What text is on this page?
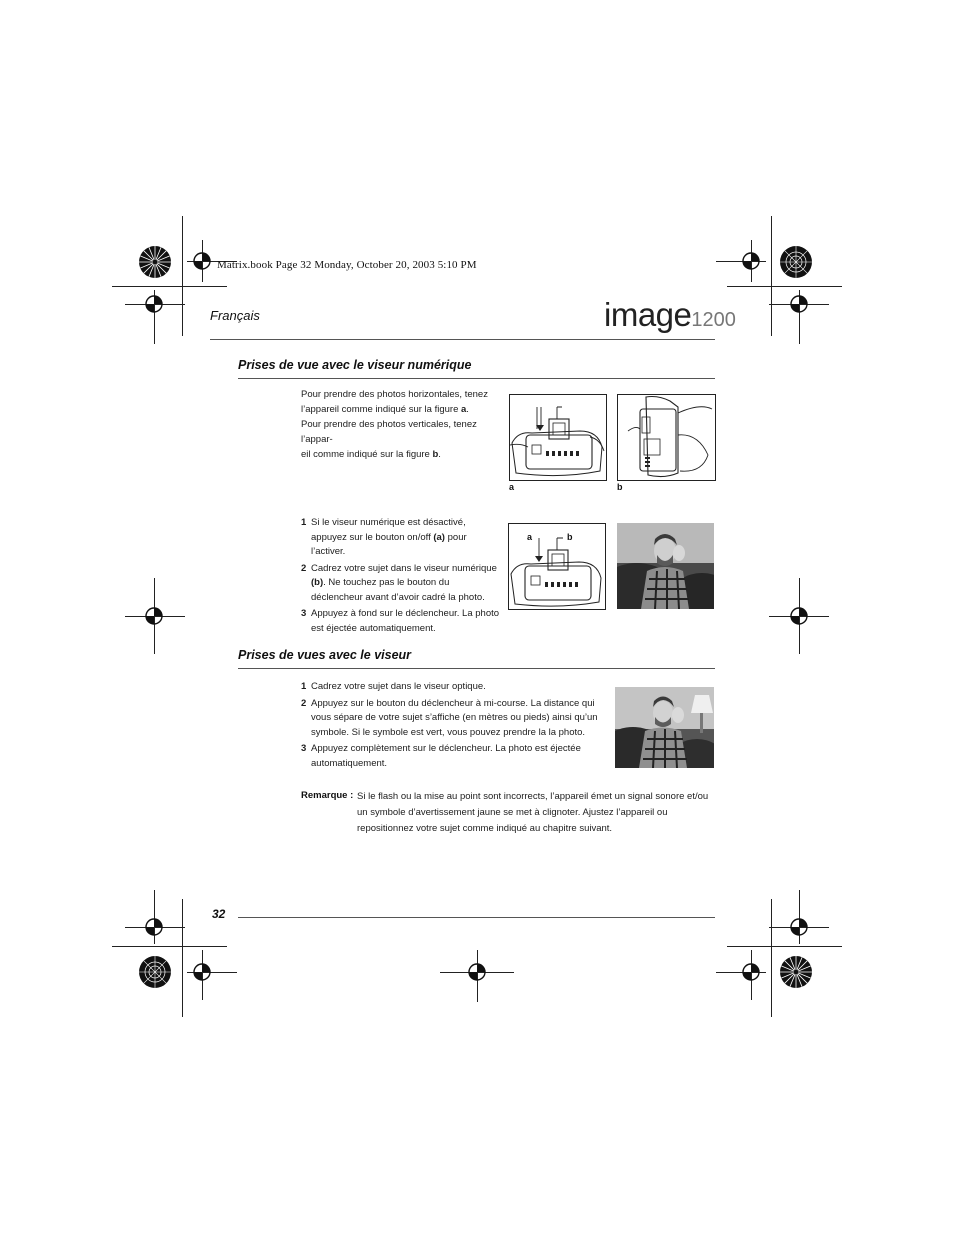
Matrix.book Page 32 Monday, October 20, 2003 5:10 PM
Français	image1200
Prises de vue avec le viseur numérique
Pour prendre des photos horizontales, tenez
l’appareil comme indiqué sur la figure a.
Pour prendre des photos verticales, tenez l’appar-
eil comme indiqué sur la figure b.
a	b
1 Si le viseur numérique est désactivé, appuyez sur le bouton on/off (a) pour l’activer.
2 Cadrez votre sujet dans le viseur numérique (b). Ne touchez pas le bouton du déclencheur avant d’avoir cadré la photo.
3 Appuyez à fond sur le déclencheur. La photo est éjectée automatiquement.
a	b
Prises de vues avec le viseur
1 Cadrez votre sujet dans le viseur optique.
2 Appuyez sur le bouton du déclencheur à mi-course. La distance qui vous sépare de votre sujet s’affiche (en mètres ou pieds) ainsi qu’un symbole. Si le symbole est vert, vous pouvez prendre la la photo.
3 Appuyez complètement sur le déclencheur. La photo est éjectée automatiquement.
Remarque : Si le flash ou la mise au point sont incorrects, l’appareil émet un signal sonore et/ou un symbole d’avertissement jaune se met à clignoter. Ajustez l’appareil ou repositionnez votre sujet comme indiqué au chapitre suivant.
32
